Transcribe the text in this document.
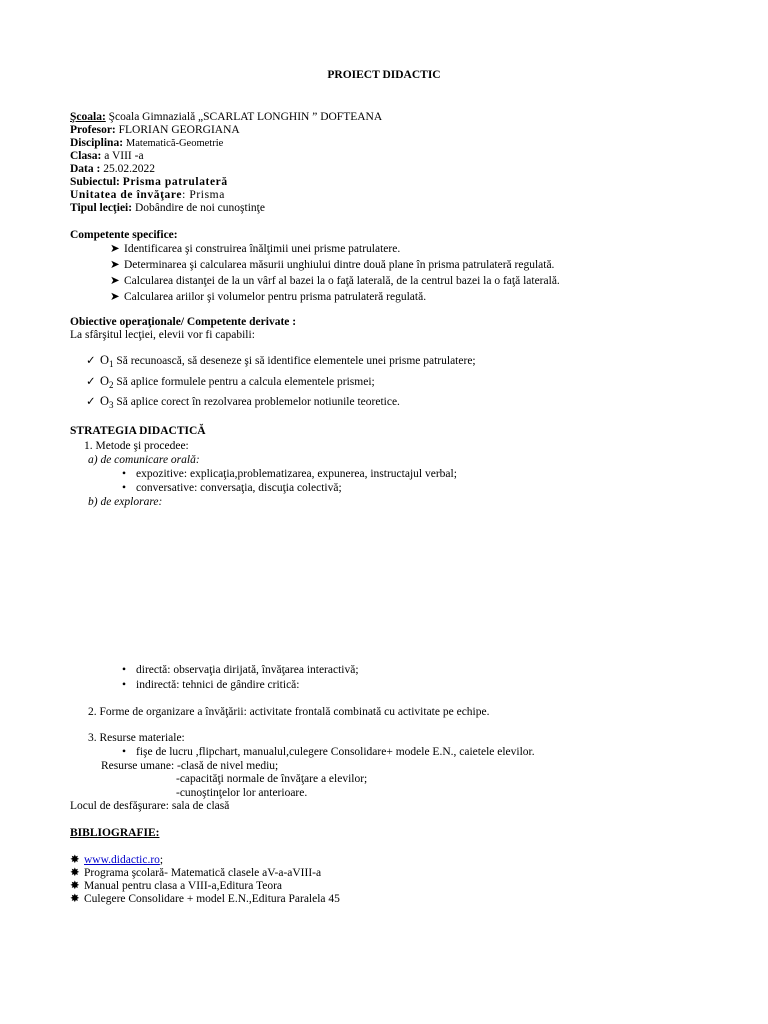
PROIECT DIDACTIC
Şcoala: Şcoala Gimnazială „SCARLAT LONGHIN ” DOFTEANA
Profesor: FLORIAN GEORGIANA
Disciplina: Matematică-Geometrie
Clasa: a VIII -a
Data : 25.02.2022
Subiectul: Prisma patrulateră
Unitatea de învăţare: Prisma
Tipul lecţiei: Dobândire de noi cunoştinţe
Competente specifice:
➤ Identificarea şi construirea înălţimii unei prisme patrulatere.
➤ Determinarea şi calcularea măsurii unghiului dintre două plane în prisma patrulateră regulată.
➤ Calcularea distanţei de la un vârf al bazei la o faţă laterală, de la centrul bazei la o faţă laterală.
➤ Calcularea ariilor şi volumelor pentru prisma patrulateră regulată.
Obiective operaţionale/ Competente derivate :
La sfârşitul lecţiei, elevii vor fi capabili:
✓ $O_1$ Să recunoască, să deseneze şi să identifice elementele unei prisme patrulatere;
✓ $O_2$ Să aplice formulele pentru a calcula elementele prismei;
✓ $O_3$ Să aplice corect în rezolvarea problemelor notiunile teoretice.
STRATEGIA DIDACTICĂ
1. Metode şi procedee:
a) de comunicare orală:
• expozitive: explicaţia,problematizarea, expunerea, instructajul verbal;
• conversative: conversaţia, discuţia colectivă;
b) de explorare:
• directă: observaţia dirijată, învăţarea interactivă;
• indirectă: tehnici de gândire critică:
2. Forme de organizare a învăţării: activitate frontală combinată cu activitate pe echipe.
3. Resurse materiale:
• fişe de lucru ,flipchart, manualul,culegere Consolidare+ modele E.N., caietele elevilor.
Resurse umane: -clasă de nivel mediu;
-capacităţi normale de învăţare a elevilor;
-cunoştinţelor lor anterioare.
Locul de desfăşurare: sala de clasă
BIBLIOGRAFIE:
✸ www.didactic.ro;
✸ Programa şcolară- Matematică clasele aV-a-aVIII-a
✸ Manual pentru clasa a VIII-a,Editura Teora
✸ Culegere Consolidare + model E.N.,Editura Paralela 45
